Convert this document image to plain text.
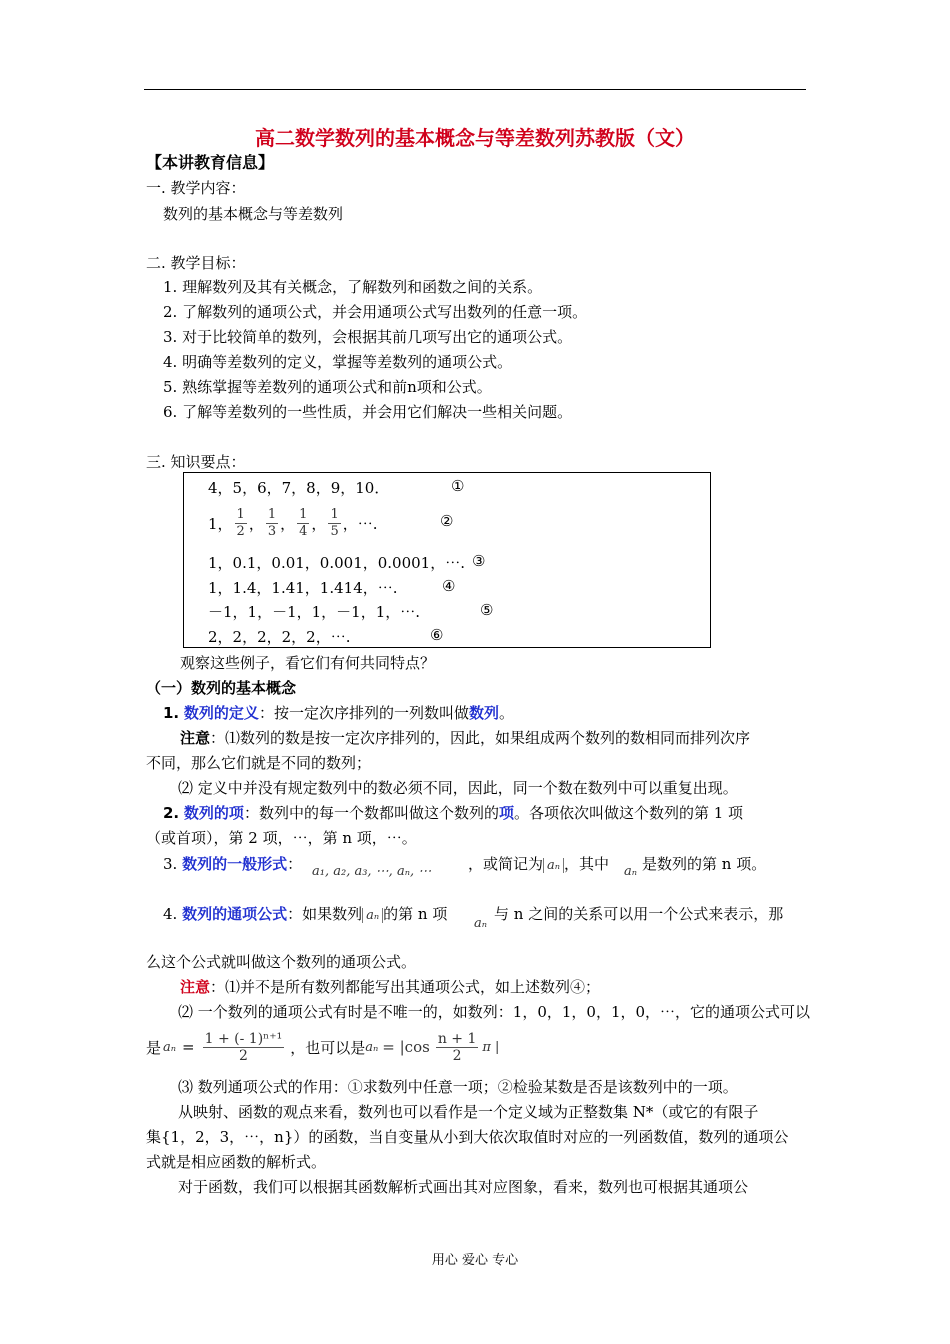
高二数学数列的基本概念与等差数列苏教版（文）
【本讲教育信息】
一. 教学内容：
数列的基本概念与等差数列
二. 教学目标：
1. 理解数列及其有关概念，了解数列和函数之间的关系。
2. 了解数列的通项公式，并会用通项公式写出数列的任意一项。
3. 对于比较简单的数列，会根据其前几项写出它的通项公式。
4. 明确等差数列的定义，掌握等差数列的通项公式。
5. 熟练掌握等差数列的通项公式和前n项和公式。
6. 了解等差数列的一些性质，并会用它们解决一些相关问题。
三. 知识要点：
4，5，6，7，8，9，10．	①
1， $\frac{1}{2}$ ， $\frac{1}{3}$ ， $\frac{1}{4}$ ， $\frac{1}{5}$ ，⋯.	②
1，0.1，0.01，0.001，0.0001，⋯. ③
1，1.4，1.41，1.414，⋯.	④
－1，1，－1，1，－1，1，⋯.	⑤
2，2，2，2，2，⋯.	⑥
观察这些例子，看它们有何共同特点？
（一）数列的基本概念
1. 数列的定义：按一定次序排列的一列数叫做数列。
注意：⑴数列的数是按一定次序排列的，因此，如果组成两个数列的数相同而排列次序
不同，那么它们就是不同的数列；
⑵ 定义中并没有规定数列中的数必须不同，因此，同一个数在数列中可以重复出现。
2. 数列的项：数列中的每一个数都叫做这个数列的项。各项依次叫做这个数列的第 1 项
（或首项），第 2 项，⋯，第 n 项，⋯。
3. 数列的一般形式： a₁, a₂, a₃, ⋯, aₙ, ⋯ ，或简记为 aₙ ，其中 aₙ 是数列的第 n 项。
4. 数列的通项公式：如果数列 aₙ 的第 n 项
aₙ
与 n 之间的关系可以用一个公式来表示，那
么这个公式就叫做这个数列的通项公式。
注意：⑴并不是所有数列都能写出其通项公式，如上述数列④；
⑵ 一个数列的通项公式有时是不唯一的，如数列：1，0，1，0，1，0，⋯，它的通项公式可以
是 $a_n = \frac{\text{1 + (- 1)ⁿ⁺¹}}{2}$ ，也可以是 $a_n = |\cos \frac{n + 1}{2}$ π |
⑶ 数列通项公式的作用：①求数列中任意一项；②检验某数是否是该数列中的一项。
从映射、函数的观点来看，数列也可以看作是一个定义域为正整数集 N*（或它的有限子
集{1，2，3，⋯，n}）的函数，当自变量从小到大依次取值时对应的一列函数值，数列的通项公
式就是相应函数的解析式。
对于函数，我们可以根据其函数解析式画出其对应图象，看来，数列也可根据其通项公
用心 爱心 专心
